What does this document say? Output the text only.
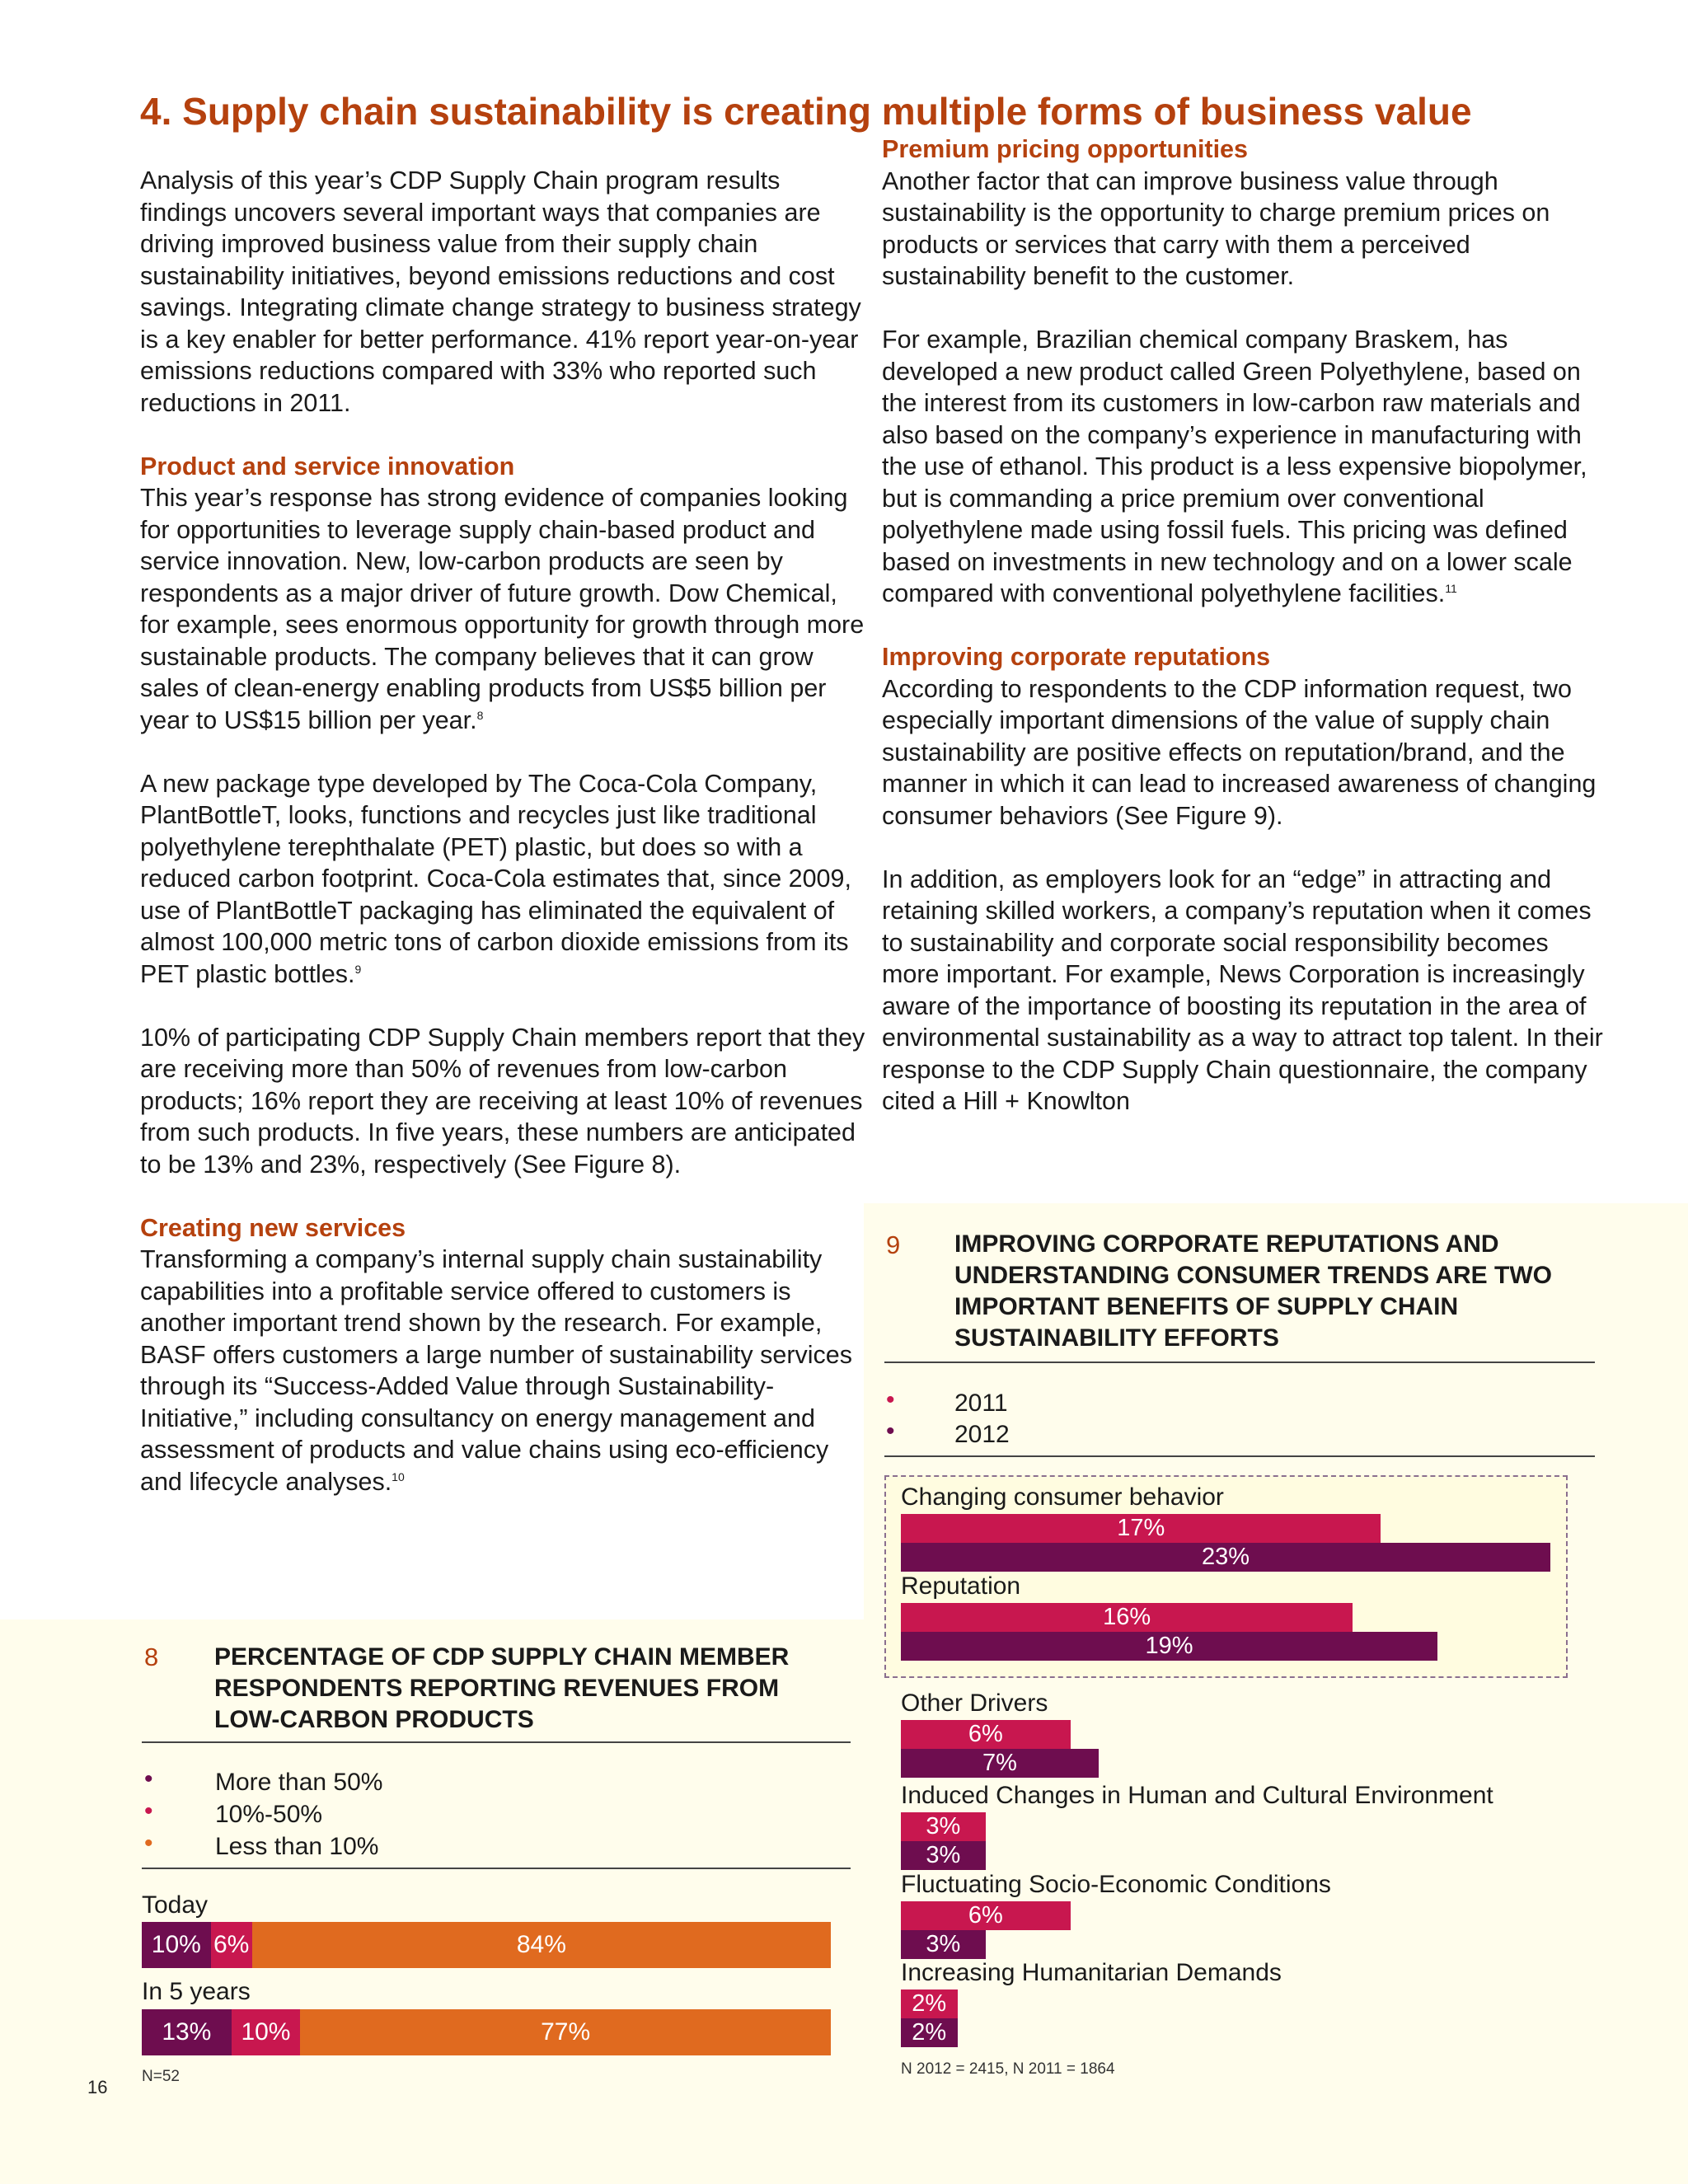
4. Supply chain sustainability is creating multiple forms of business value

Analysis of this year’s CDP Supply Chain program results findings uncovers several important ways that companies are driving improved business value from their supply chain sustainability initiatives, beyond emissions reductions and cost savings. Integrating climate change strategy to business strategy is a key enabler for better performance. 41% report year-on-year emissions reductions compared with 33% who reported such reductions in 2011.

Product and service innovation

This year’s response has strong evidence of companies looking for opportunities to leverage supply chain-based product and service innovation. New, low-carbon products are seen by respondents as a major driver of future growth. Dow Chemical, for example, sees enormous opportunity for growth through more sustainable products. The company believes that it can grow sales of clean-energy enabling products from US$5 billion per year to US$15 billion per year.$^8$

A new package type developed by The Coca-Cola Company, PlantBottleT, looks, functions and recycles just like traditional polyethylene terephthalate (PET) plastic, but does so with a reduced carbon footprint. Coca-Cola estimates that, since 2009, use of PlantBottleT packaging has eliminated the equivalent of almost 100,000 metric tons of carbon dioxide emissions from its PET plastic bottles.$^9$

10% of participating CDP Supply Chain members report that they are receiving more than 50% of revenues from low-carbon products; 16% report they are receiving at least 10% of revenues from such products. In five years, these numbers are anticipated to be 13% and 23%, respectively (See Figure 8).

Creating new services

Transforming a company’s internal supply chain sustainability capabilities into a profitable service offered to customers is another important trend shown by the research. For example, BASF offers customers a large number of sustainability services through its “Success-Added Value through Sustainability-Initiative,” including consultancy on energy management and assessment of products and value chains using eco-efficiency and lifecycle analyses.$^{10}$

Premium pricing opportunities

Another factor that can improve business value through sustainability is the opportunity to charge premium prices on products or services that carry with them a perceived sustainability benefit to the customer.

For example, Brazilian chemical company Braskem, has developed a new product called Green Polyethylene, based on the interest from its customers in low-carbon raw materials and also based on the company’s experience in manufacturing with the use of ethanol. This product is a less expensive biopolymer, but is commanding a price premium over conventional polyethylene made using fossil fuels. This pricing was defined based on investments in new technology and on a lower scale compared with conventional polyethylene facilities.$^{11}$

Improving corporate reputations

According to respondents to the CDP information request, two especially important dimensions of the value of supply chain sustainability are positive effects on reputation/brand, and the manner in which it can lead to increased awareness of changing consumer behaviors (See Figure 9).

In addition, as employers look for an “edge” in attracting and retaining skilled workers, a company’s reputation when it comes to sustainability and corporate social responsibility becomes more important. For example, News Corporation is increasingly aware of the importance of boosting its reputation in the area of environmental sustainability as a way to attract top talent. In their response to the CDP Supply Chain questionnaire, the company cited a Hill + Knowlton

8 PERCENTAGE OF CDP SUPPLY CHAIN MEMBER RESPONDENTS REPORTING REVENUES FROM LOW-CARBON PRODUCTS
•	More than 50%
•	10%-50%
•	Less than 10%
Today
10% 6%	84%
In 5 years
13%	10%	77%
N=52
16
9 IMPROVING CORPORATE REPUTATIONS AND UNDERSTANDING CONSUMER TRENDS ARE TWO IMPORTANT BENEFITS OF SUPPLY CHAIN SUSTAINABILITY EFFORTS
• 2011
• 2012
Changing consumer behavior
17%
23%
Reputation
16%
19%
Other Drivers
6%
7%
Induced Changes in Human and Cultural Environment
3%
3%
Fluctuating Socio-Economic Conditions
6%
3%
Increasing Humanitarian Demands
2%
2%
N 2012 = 2415, N 2011 = 1864
